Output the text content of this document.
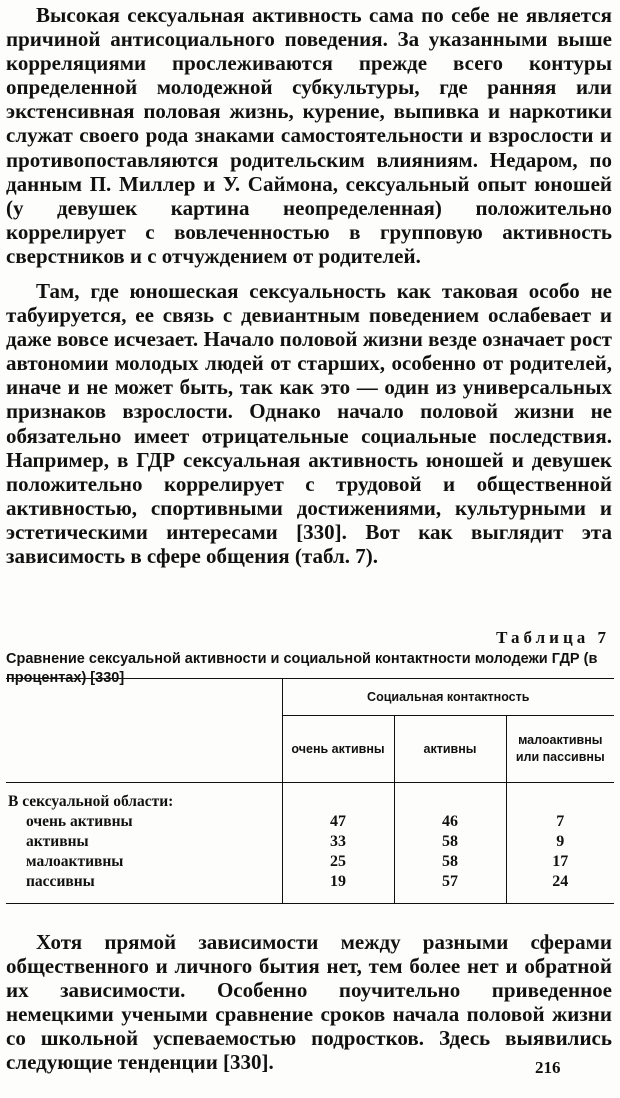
Высокая сексуальная активность сама по себе не является причиной антисоциального поведения. За указанными выше корреляциями прослеживаются прежде всего контуры определенной молодежной субкультуры, где ранняя или экстенсивная половая жизнь, курение, выпивка и наркотики служат своего рода знаками самостоятельности и взрослости и противопоставляются родительским влияниям. Недаром, по данным П. Миллер и У. Саймона, сексуальный опыт юношей (у девушек картина неопределенная) положительно коррелирует с вовлеченностью в групповую активность сверстников и с отчуждением от родителей.

Там, где юношеская сексуальность как таковая особо не табуируется, ее связь с девиантным поведением ослабевает и даже вовсе исчезает. Начало половой жизни везде означает рост автономии молодых людей от старших, особенно от родителей, иначе и не может быть, так как это — один из универсальных признаков взрослости. Однако начало половой жизни не обязательно имеет отрицательные социальные последствия. Например, в ГДР сексуальная активность юношей и девушек положительно коррелирует с трудовой и общественной активностью, спортивными достижениями, культурными и эстетическими интересами [330]. Вот как выглядит эта зависимость в сфере общения (табл. 7).

Таблица 7
Сравнение сексуальной активности и социальной контактности молодежи ГДР (в процентах) [330]
	Социальная контактность		
	очень активны	активны	малоактивны или пассивны
В сексуальной области:			
очень активны	47	46	7
активны	33	58	9
малоактивны	25	58	17
пассивны	19	57	24

Хотя прямой зависимости между разными сферами общественного и личного бытия нет, тем более нет и обратной их зависимости. Особенно поучительно приведенное немецкими учеными сравнение сроков начала половой жизни со школьной успеваемостью подростков. Здесь выявились следующие тенденции [330].	216
